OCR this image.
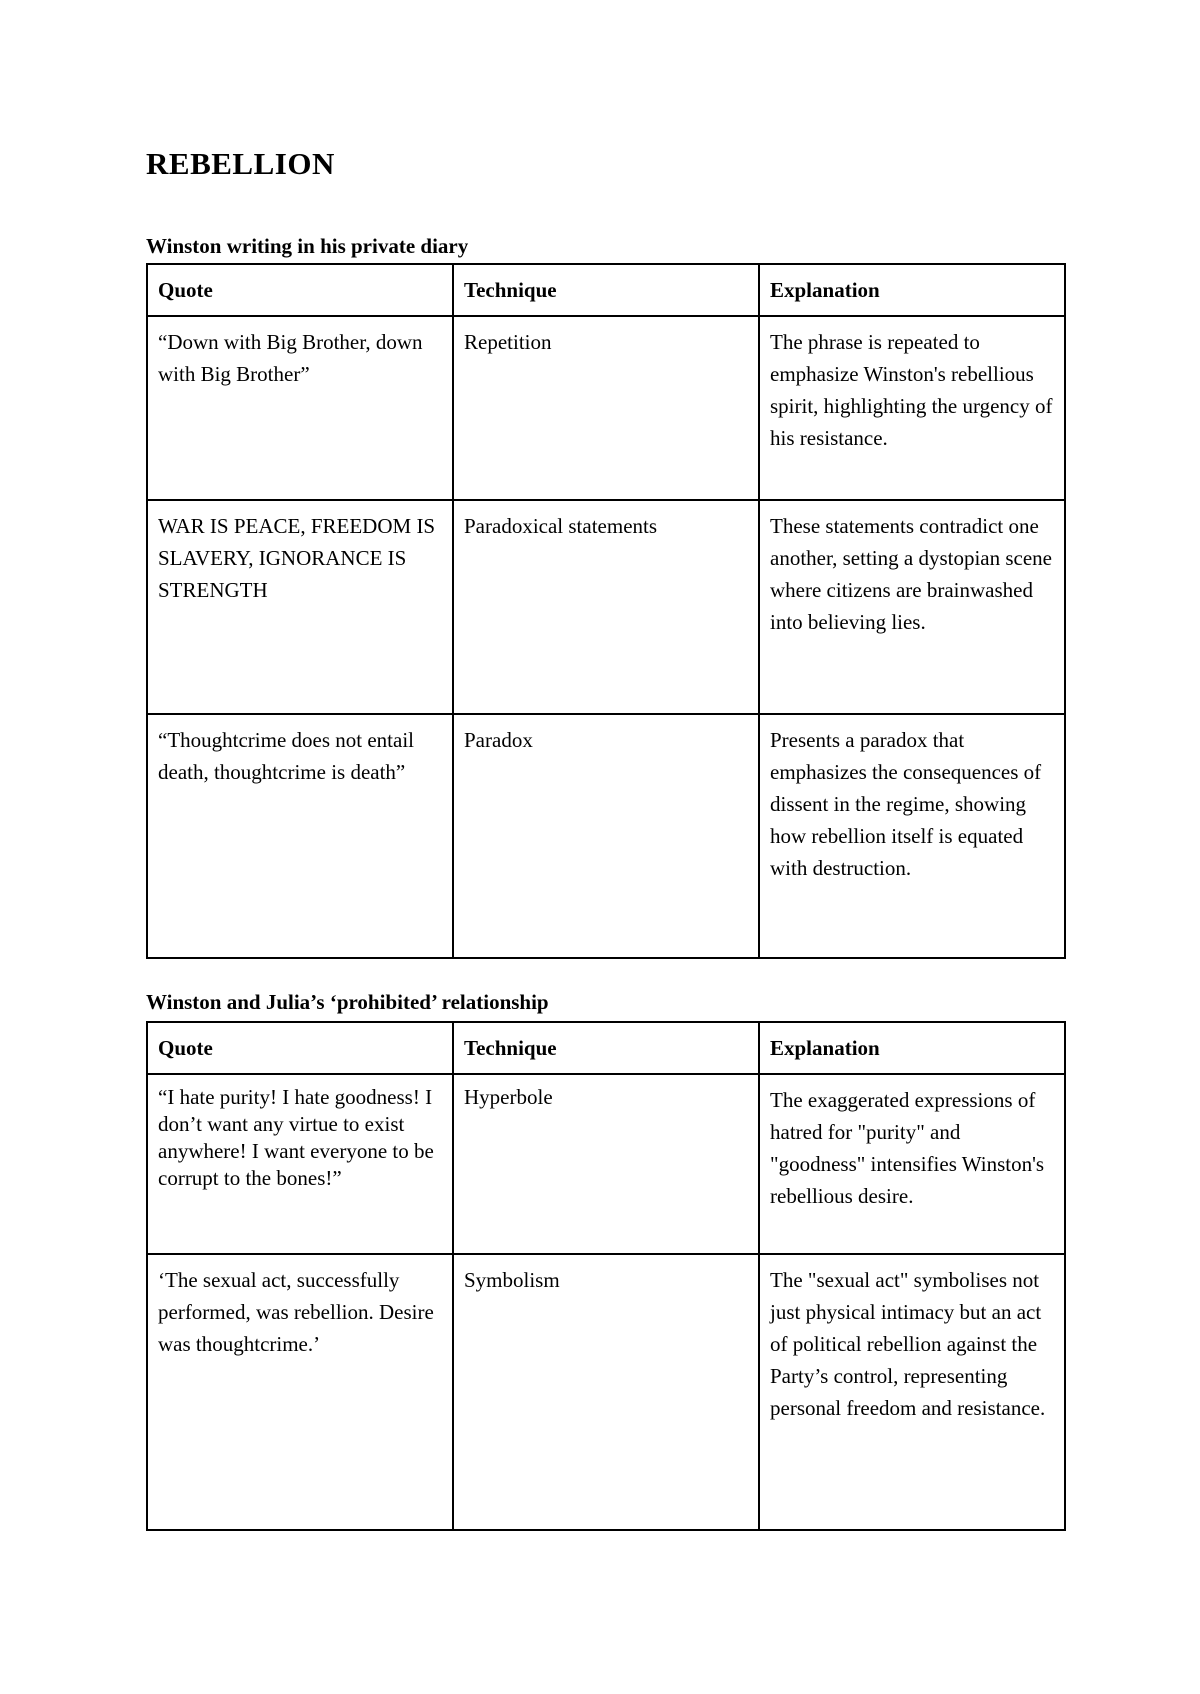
REBELLION
Winston writing in his private diary
Quote	Technique	Explanation
“Down with Big Brother, down with Big Brother”	Repetition	The phrase is repeated to emphasize Winston's rebellious spirit, highlighting the urgency of his resistance.
WAR IS PEACE, FREEDOM IS SLAVERY, IGNORANCE IS STRENGTH	Paradoxical statements	These statements contradict one another, setting a dystopian scene where citizens are brainwashed into believing lies.
“Thoughtcrime does not entail death, thoughtcrime is death”	Paradox	Presents a paradox that emphasizes the consequences of dissent in the regime, showing how rebellion itself is equated with destruction.
Winston and Julia’s ‘prohibited’ relationship
Quote	Technique	Explanation
“I hate purity! I hate goodness! I don’t want any virtue to exist anywhere! I want everyone to be corrupt to the bones!”	Hyperbole	The exaggerated expressions of hatred for "purity" and "goodness" intensifies Winston's rebellious desire.
‘The sexual act, successfully performed, was rebellion. Desire was thoughtcrime.’	Symbolism	The "sexual act" symbolises not just physical intimacy but an act of political rebellion against the Party’s control, representing personal freedom and resistance.
